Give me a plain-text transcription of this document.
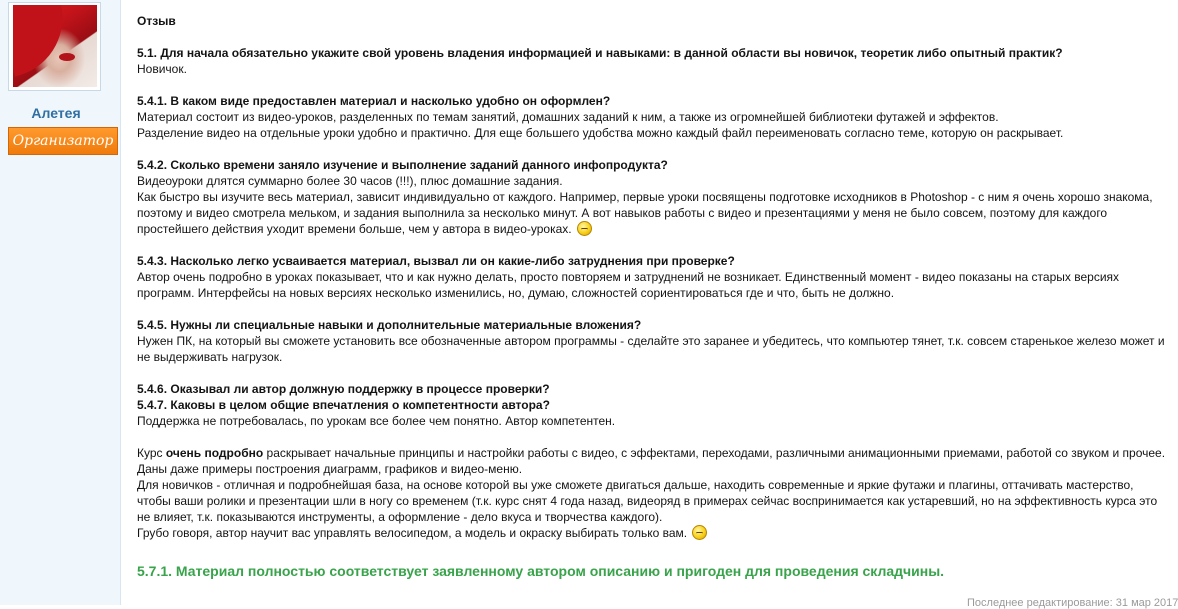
Алетея
Организатор
Отзыв
5.1. Для начала обязательно укажите свой уровень владения информацией и навыками: в данной области вы новичок, теоретик либо опытный практик?
Новичок.
5.4.1. В каком виде предоставлен материал и насколько удобно он оформлен?
Материал состоит из видео-уроков, разделенных по темам занятий, домашних заданий к ним, а также из огромнейшей библиотеки футажей и эффектов.
Разделение видео на отдельные уроки удобно и практично. Для еще большего удобства можно каждый файл переименовать согласно теме, которую он раскрывает.
5.4.2. Сколько времени заняло изучение и выполнение заданий данного инфопродукта?
Видеоуроки длятся суммарно более 30 часов (!!!), плюс домашние задания.
Как быстро вы изучите весь материал, зависит индивидуально от каждого. Например, первые уроки посвящены подготовке исходников в Photoshop - с ним я очень хорошо знакома, поэтому и видео смотрела мельком, и задания выполнила за несколько минут. А вот навыков работы с видео и презентациями у меня не было совсем, поэтому для каждого простейшего действия уходит времени больше, чем у автора в видео-уроках.
5.4.3. Насколько легко усваивается материал, вызвал ли он какие-либо затруднения при проверке?
Автор очень подробно в уроках показывает, что и как нужно делать, просто повторяем и затруднений не возникает. Единственный момент - видео показаны на старых версиях программ. Интерфейсы на новых версиях несколько изменились, но, думаю, сложностей сориентироваться где и что, быть не должно.
5.4.5. Нужны ли специальные навыки и дополнительные материальные вложения?
Нужен ПК, на который вы сможете установить все обозначенные автором программы - сделайте это заранее и убедитесь, что компьютер тянет, т.к. совсем старенькое железо может и не выдерживать нагрузок.
5.4.6. Оказывал ли автор должную поддержку в процессе проверки?
5.4.7. Каковы в целом общие впечатления о компетентности автора?
Поддержка не потребовалась, по урокам все более чем понятно. Автор компетентен.
Курс очень подробно раскрывает начальные принципы и настройки работы с видео, с эффектами, переходами, различными анимационными приемами, работой со звуком и прочее.
Даны даже примеры построения диаграмм, графиков и видео-меню.
Для новичков - отличная и подробнейшая база, на основе которой вы уже сможете двигаться дальше, находить современные и яркие футажи и плагины, оттачивать мастерство, чтобы ваши ролики и презентации шли в ногу со временем (т.к. курс снят 4 года назад, видеоряд в примерах сейчас воспринимается как устаревший, но на эффективность курса это не влияет, т.к. показываются инструменты, а оформление - дело вкуса и творчества каждого).
Грубо говоря, автор научит вас управлять велосипедом, а модель и окраску выбирать только вам.
5.7.1. Материал полностью соответствует заявленному автором описанию и пригоден для проведения складчины.
Последнее редактирование: 31 мар 2017
